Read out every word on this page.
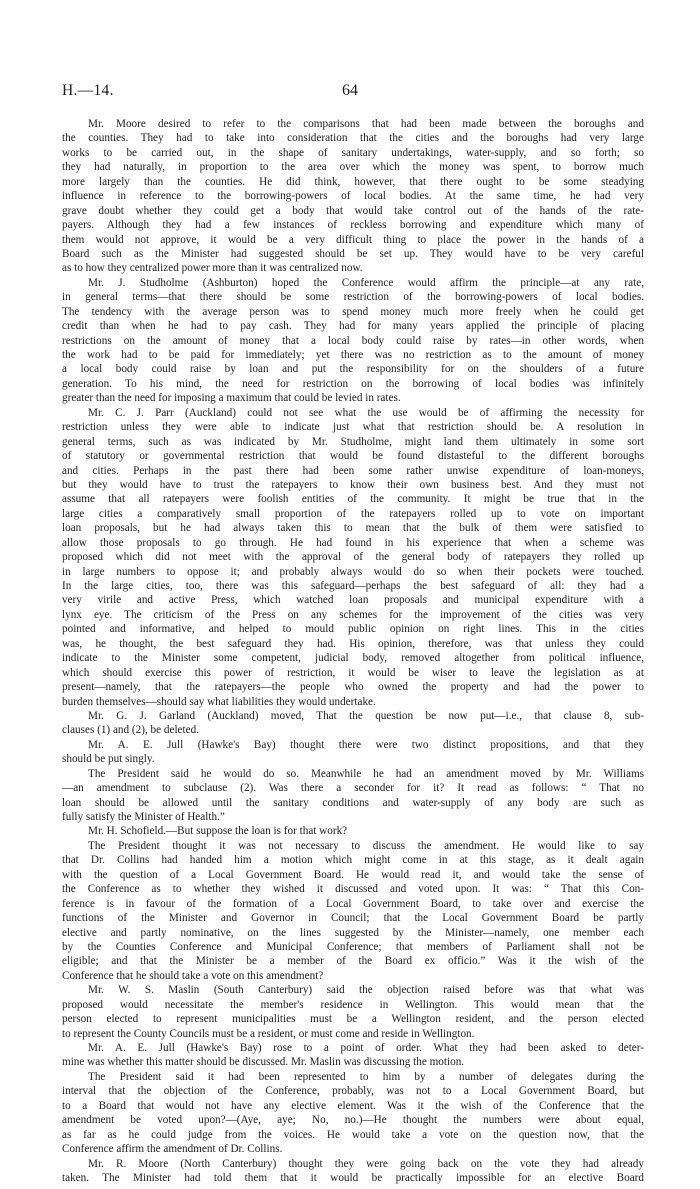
H.—14.	64
Mr. Moore desired to refer to the comparisons that had been made between the boroughs and
the counties. They had to take into consideration that the cities and the boroughs had very large
works to be carried out, in the shape of sanitary undertakings, water-supply, and so forth; so
they had naturally, in proportion to the area over which the money was spent, to borrow much
more largely than the counties. He did think, however, that there ought to be some steadying
influence in reference to the borrowing-powers of local bodies. At the same time, he had very
grave doubt whether they could get a body that would take control out of the hands of the rate-
payers. Although they had a few instances of reckless borrowing and expenditure which many of
them would not approve, it would be a very difficult thing to place the power in the hands of a
Board such as the Minister had suggested should be set up. They would have to be very careful
as to how they centralized power more than it was centralized now.
Mr. J. Studholme (Ashburton) hoped the Conference would affirm the principle—at any rate,
in general terms—that there should be some restriction of the borrowing-powers of local bodies.
The tendency with the average person was to spend money much more freely when he could get
credit than when he had to pay cash. They had for many years applied the principle of placing
restrictions on the amount of money that a local body could raise by rates—in other words, when
the work had to be paid for immediately; yet there was no restriction as to the amount of money
a local body could raise by loan and put the responsibility for on the shoulders of a future
generation. To his mind, the need for restriction on the borrowing of local bodies was infinitely
greater than the need for imposing a maximum that could be levied in rates.
Mr. C. J. Parr (Auckland) could not see what the use would be of affirming the necessity for
restriction unless they were able to indicate just what that restriction should be. A resolution in
general terms, such as was indicated by Mr. Studholme, might land them ultimately in some sort
of statutory or governmental restriction that would be found distasteful to the different boroughs
and cities. Perhaps in the past there had been some rather unwise expenditure of loan-moneys,
but they would have to trust the ratepayers to know their own business best. And they must not
assume that all ratepayers were foolish entities of the community. It might be true that in the
large cities a comparatively small proportion of the ratepayers rolled up to vote on important
loan proposals, but he had always taken this to mean that the bulk of them were satisfied to
allow those proposals to go through. He had found in his experience that when a scheme was
proposed which did not meet with the approval of the general body of ratepayers they rolled up
in large numbers to oppose it; and probably always would do so when their pockets were touched.
In the large cities, too, there was this safeguard—perhaps the best safeguard of all: they had a
very virile and active Press, which watched loan proposals and municipal expenditure with a
lynx eye. The criticism of the Press on any schemes for the improvement of the cities was very
pointed and informative, and helped to mould public opinion on right lines. This in the cities
was, he thought, the best safeguard they had. His opinion, therefore, was that unless they could
indicate to the Minister some competent, judicial body, removed altogether from political influence,
which should exercise this power of restriction, it would be wiser to leave the legislation as at
present—namely, that the ratepayers—the people who owned the property and had the power to
burden themselves—should say what liabilities they would undertake.
Mr. G. J. Garland (Auckland) moved, That the question be now put—i.e., that clause 8, sub-
clauses (1) and (2), be deleted.
Mr. A. E. Jull (Hawke's Bay) thought there were two distinct propositions, and that they
should be put singly.
The President said he would do so. Meanwhile he had an amendment moved by Mr. Williams
—an amendment to subclause (2). Was there a seconder for it? It read as follows: “ That no
loan should be allowed until the sanitary conditions and water-supply of any body are such as
fully satisfy the Minister of Health.”
Mr. H. Schofield.—But suppose the loan is for that work?
The President thought it was not necessary to discuss the amendment. He would like to say
that Dr. Collins had handed him a motion which might come in at this stage, as it dealt again
with the question of a Local Government Board. He would read it, and would take the sense of
the Conference as to whether they wished it discussed and voted upon. It was: “ That this Con-
ference is in favour of the formation of a Local Government Board, to take over and exercise the
functions of the Minister and Governor in Council; that the Local Government Board be partly
elective and partly nominative, on the lines suggested by the Minister—namely, one member each
by the Counties Conference and Municipal Conference; that members of Parliament shall not be
eligible; and that the Minister be a member of the Board ex officio.” Was it the wish of the
Conference that he should take a vote on this amendment?
Mr. W. S. Maslin (South Canterbury) said the objection raised before was that what was
proposed would necessitate the member's residence in Wellington. This would mean that the
person elected to represent municipalities must be a Wellington resident, and the person elected
to represent the County Councils must be a resident, or must come and reside in Wellington.
Mr. A. E. Jull (Hawke's Bay) rose to a point of order. What they had been asked to deter-
mine was whether this matter should be discussed. Mr. Maslin was discussing the motion.
The President said it had been represented to him by a number of delegates during the
interval that the objection of the Conference, probably, was not to a Local Government Board, but
to a Board that would not have any elective element. Was it the wish of the Conference that the
amendment be voted upon?—(Aye, aye; No, no.)—He thought the numbers were about equal,
as far as he could judge from the voices. He would take a vote on the question now, that the
Conference affirm the amendment of Dr. Collins.
Mr. R. Moore (North Canterbury) thought they were going back on the vote they had already
taken. The Minister had told them that it would be practically impossible for an elective Board
